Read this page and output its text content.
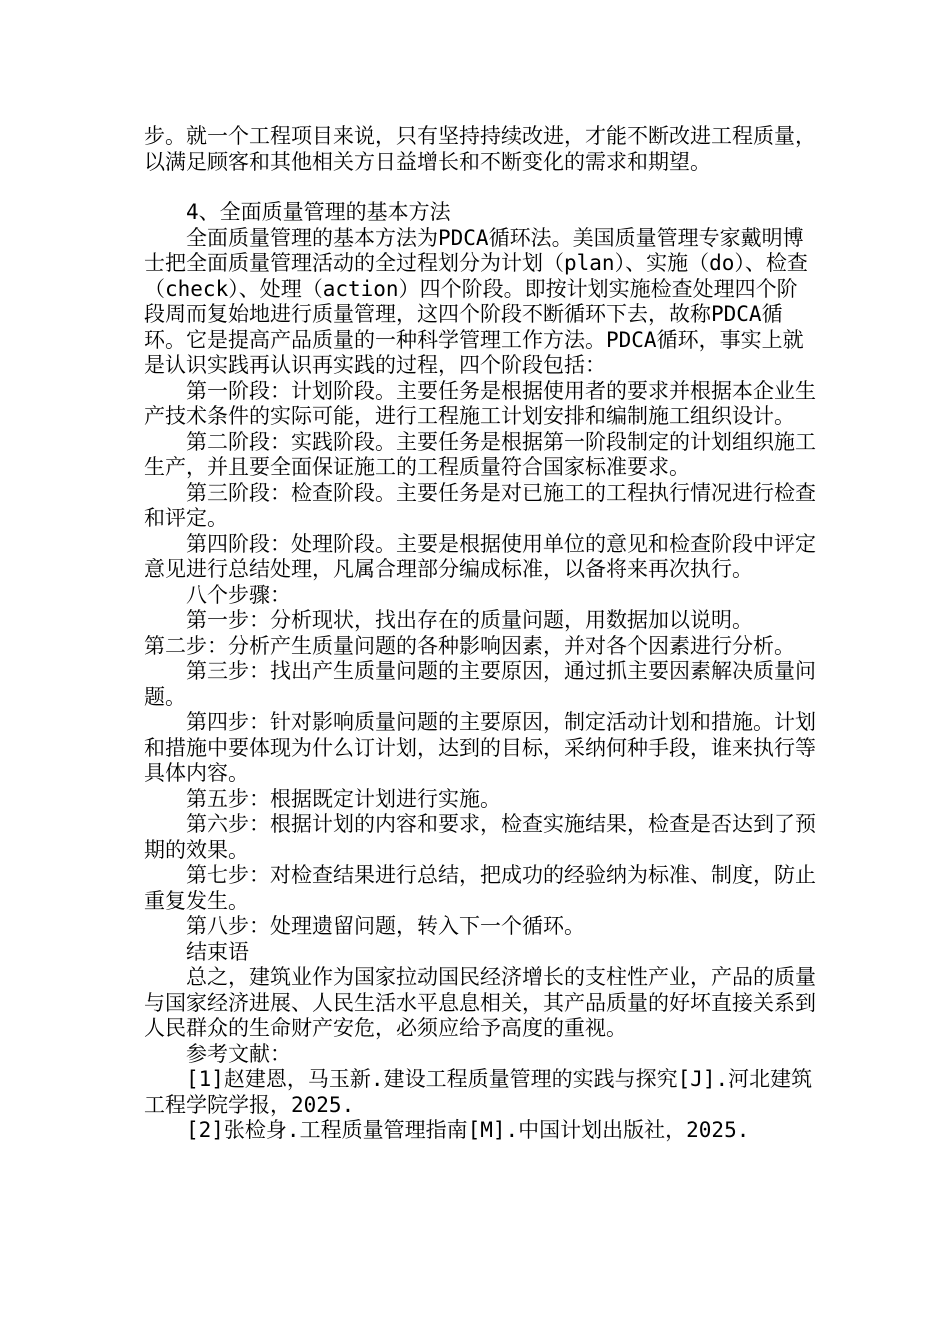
步。就一个工程项目来说，只有坚持持续改进，才能不断改进工程质量，以满足顾客和其他相关方日益增长和不断变化的需求和期望。

4、全面质量管理的基本方法

全面质量管理的基本方法为PDCA循环法。美国质量管理专家戴明博士把全面质量管理活动的全过程划分为计划（plan）、实施（do）、检查（check）、处理（action）四个阶段。即按计划实施检查处理四个阶段周而复始地进行质量管理，这四个阶段不断循环下去，故称PDCA循环。它是提高产品质量的一种科学管理工作方法。PDCA循环，事实上就是认识实践再认识再实践的过程，四个阶段包括：

第一阶段：计划阶段。主要任务是根据使用者的要求并根据本企业生产技术条件的实际可能，进行工程施工计划安排和编制施工组织设计。

第二阶段：实践阶段。主要任务是根据第一阶段制定的计划组织施工生产，并且要全面保证施工的工程质量符合国家标准要求。

第三阶段：检查阶段。主要任务是对已施工的工程执行情况进行检查和评定。

第四阶段：处理阶段。主要是根据使用单位的意见和检查阶段中评定意见进行总结处理，凡属合理部分编成标准，以备将来再次执行。

八个步骤：

第一步：分析现状，找出存在的质量问题，用数据加以说明。

第二步：分析产生质量问题的各种影响因素，并对各个因素进行分析。

第三步：找出产生质量问题的主要原因，通过抓主要因素解决质量问题。

第四步：针对影响质量问题的主要原因，制定活动计划和措施。计划和措施中要体现为什么订计划，达到的目标，采纳何种手段，谁来执行等具体内容。

第五步：根据既定计划进行实施。

第六步：根据计划的内容和要求，检查实施结果，检查是否达到了预期的效果。

第七步：对检查结果进行总结，把成功的经验纳为标准、制度，防止重复发生。

第八步：处理遗留问题，转入下一个循环。

结束语

总之，建筑业作为国家拉动国民经济增长的支柱性产业，产品的质量与国家经济进展、人民生活水平息息相关，其产品质量的好坏直接关系到人民群众的生命财产安危，必须应给予高度的重视。

参考文献：

[1]赵建恩，马玉新.建设工程质量管理的实践与探究[J].河北建筑工程学院学报，2025.

[2]张检身.工程质量管理指南[M].中国计划出版社，2025.
